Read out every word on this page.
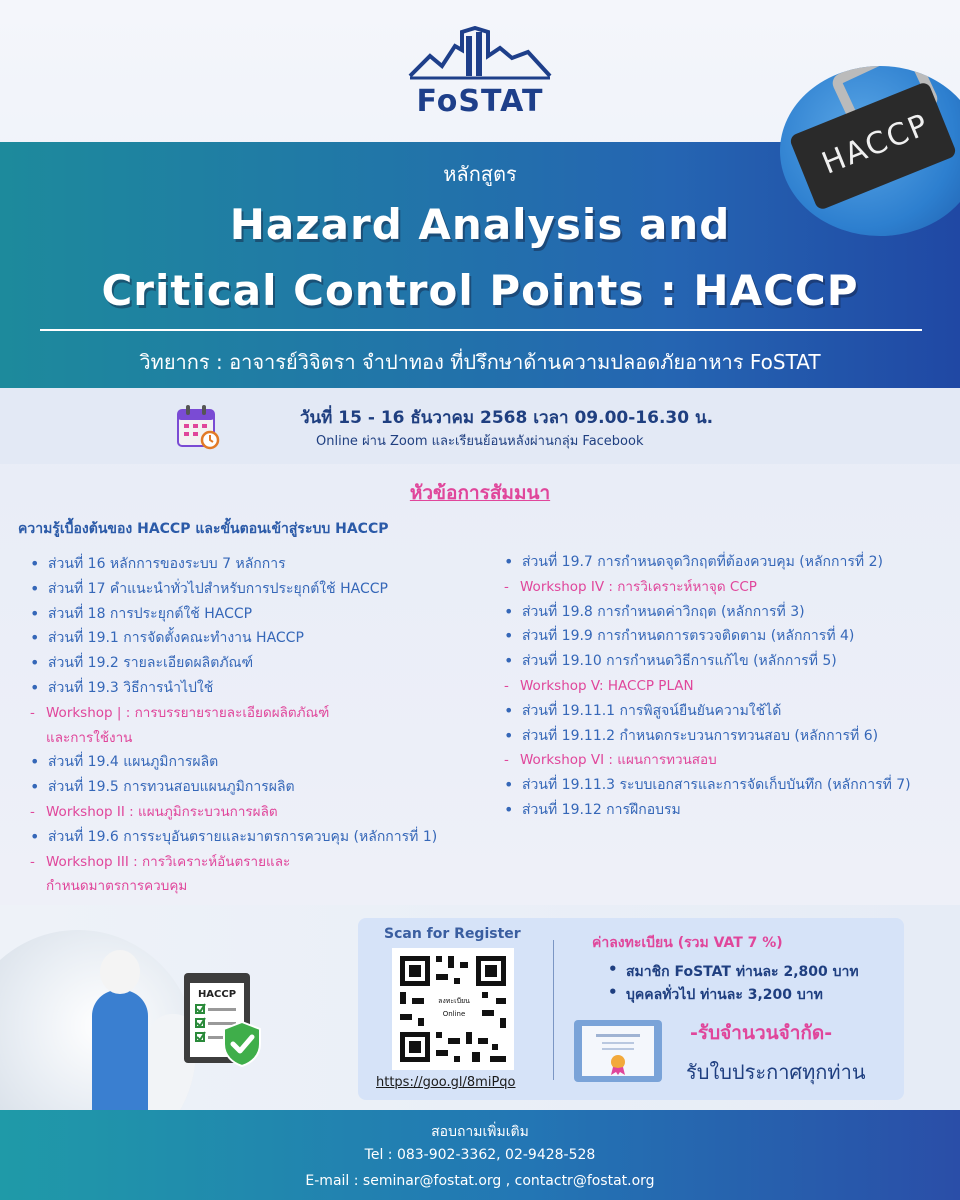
FoSTAT
HACCP
หลักสูตร
Hazard Analysis and
Critical Control Points : HACCP
วิทยากร : อาจารย์วิจิตรา จำปาทอง ที่ปรึกษาด้านความปลอดภัยอาหาร FoSTAT
วันที่ 15 - 16 ธันวาคม 2568 เวลา 09.00-16.30 น.
Online ผ่าน Zoom และเรียนย้อนหลังผ่านกลุ่ม Facebook
หัวข้อการสัมมนา
ความรู้เบื้องต้นของ HACCP และขั้นตอนเข้าสู่ระบบ HACCP
• ส่วนที่ 16 หลักการของระบบ 7 หลักการ
• ส่วนที่ 17 คำแนะนำทั่วไปสำหรับการประยุกต์ใช้ HACCP
• ส่วนที่ 18 การประยุกต์ใช้ HACCP
• ส่วนที่ 19.1 การจัดตั้งคณะทำงาน HACCP
• ส่วนที่ 19.2 รายละเอียดผลิตภัณฑ์
• ส่วนที่ 19.3 วิธีการนำไปใช้
- Workshop | : การบรรยายรายละเอียดผลิตภัณฑ์
และการใช้งาน
• ส่วนที่ 19.4 แผนภูมิการผลิต
• ส่วนที่ 19.5 การทวนสอบแผนภูมิการผลิต
- Workshop II : แผนภูมิกระบวนการผลิต
• ส่วนที่ 19.6 การระบุอันตรายและมาตรการควบคุม (หลักการที่ 1)
- Workshop III : การวิเคราะห์อันตรายและ
กำหนดมาตรการควบคุม
• ส่วนที่ 19.7 การกำหนดจุดวิกฤตที่ต้องควบคุม (หลักการที่ 2)
- Workshop IV : การวิเคราะห์หาจุด CCP
• ส่วนที่ 19.8 การกำหนดค่าวิกฤต (หลักการที่ 3)
• ส่วนที่ 19.9 การกำหนดการตรวจติดตาม (หลักการที่ 4)
• ส่วนที่ 19.10 การกำหนดวิธีการแก้ไข (หลักการที่ 5)
- Workshop V: HACCP PLAN
• ส่วนที่ 19.11.1 การพิสูจน์ยืนยันความใช้ได้
• ส่วนที่ 19.11.2 กำหนดกระบวนการทวนสอบ (หลักการที่ 6)
- Workshop VI : แผนการทวนสอบ
• ส่วนที่ 19.11.3 ระบบเอกสารและการจัดเก็บบันทึก (หลักการที่ 7)
• ส่วนที่ 19.12 การฝึกอบรม
HACCP
Scan for Register
ลงทะเบียน
Online
https://goo.gl/8miPqo
ค่าลงทะเบียน (รวม VAT 7 %)
• สมาชิก FoSTAT ท่านละ 2,800 บาท
• บุคคลทั่วไป ท่านละ 3,200 บาท
-รับจำนวนจำกัด-
รับใบประกาศทุกท่าน
สอบถามเพิ่มเติม
Tel : 083-902-3362, 02-9428-528
E-mail : seminar@fostat.org , contactr@fostat.org
